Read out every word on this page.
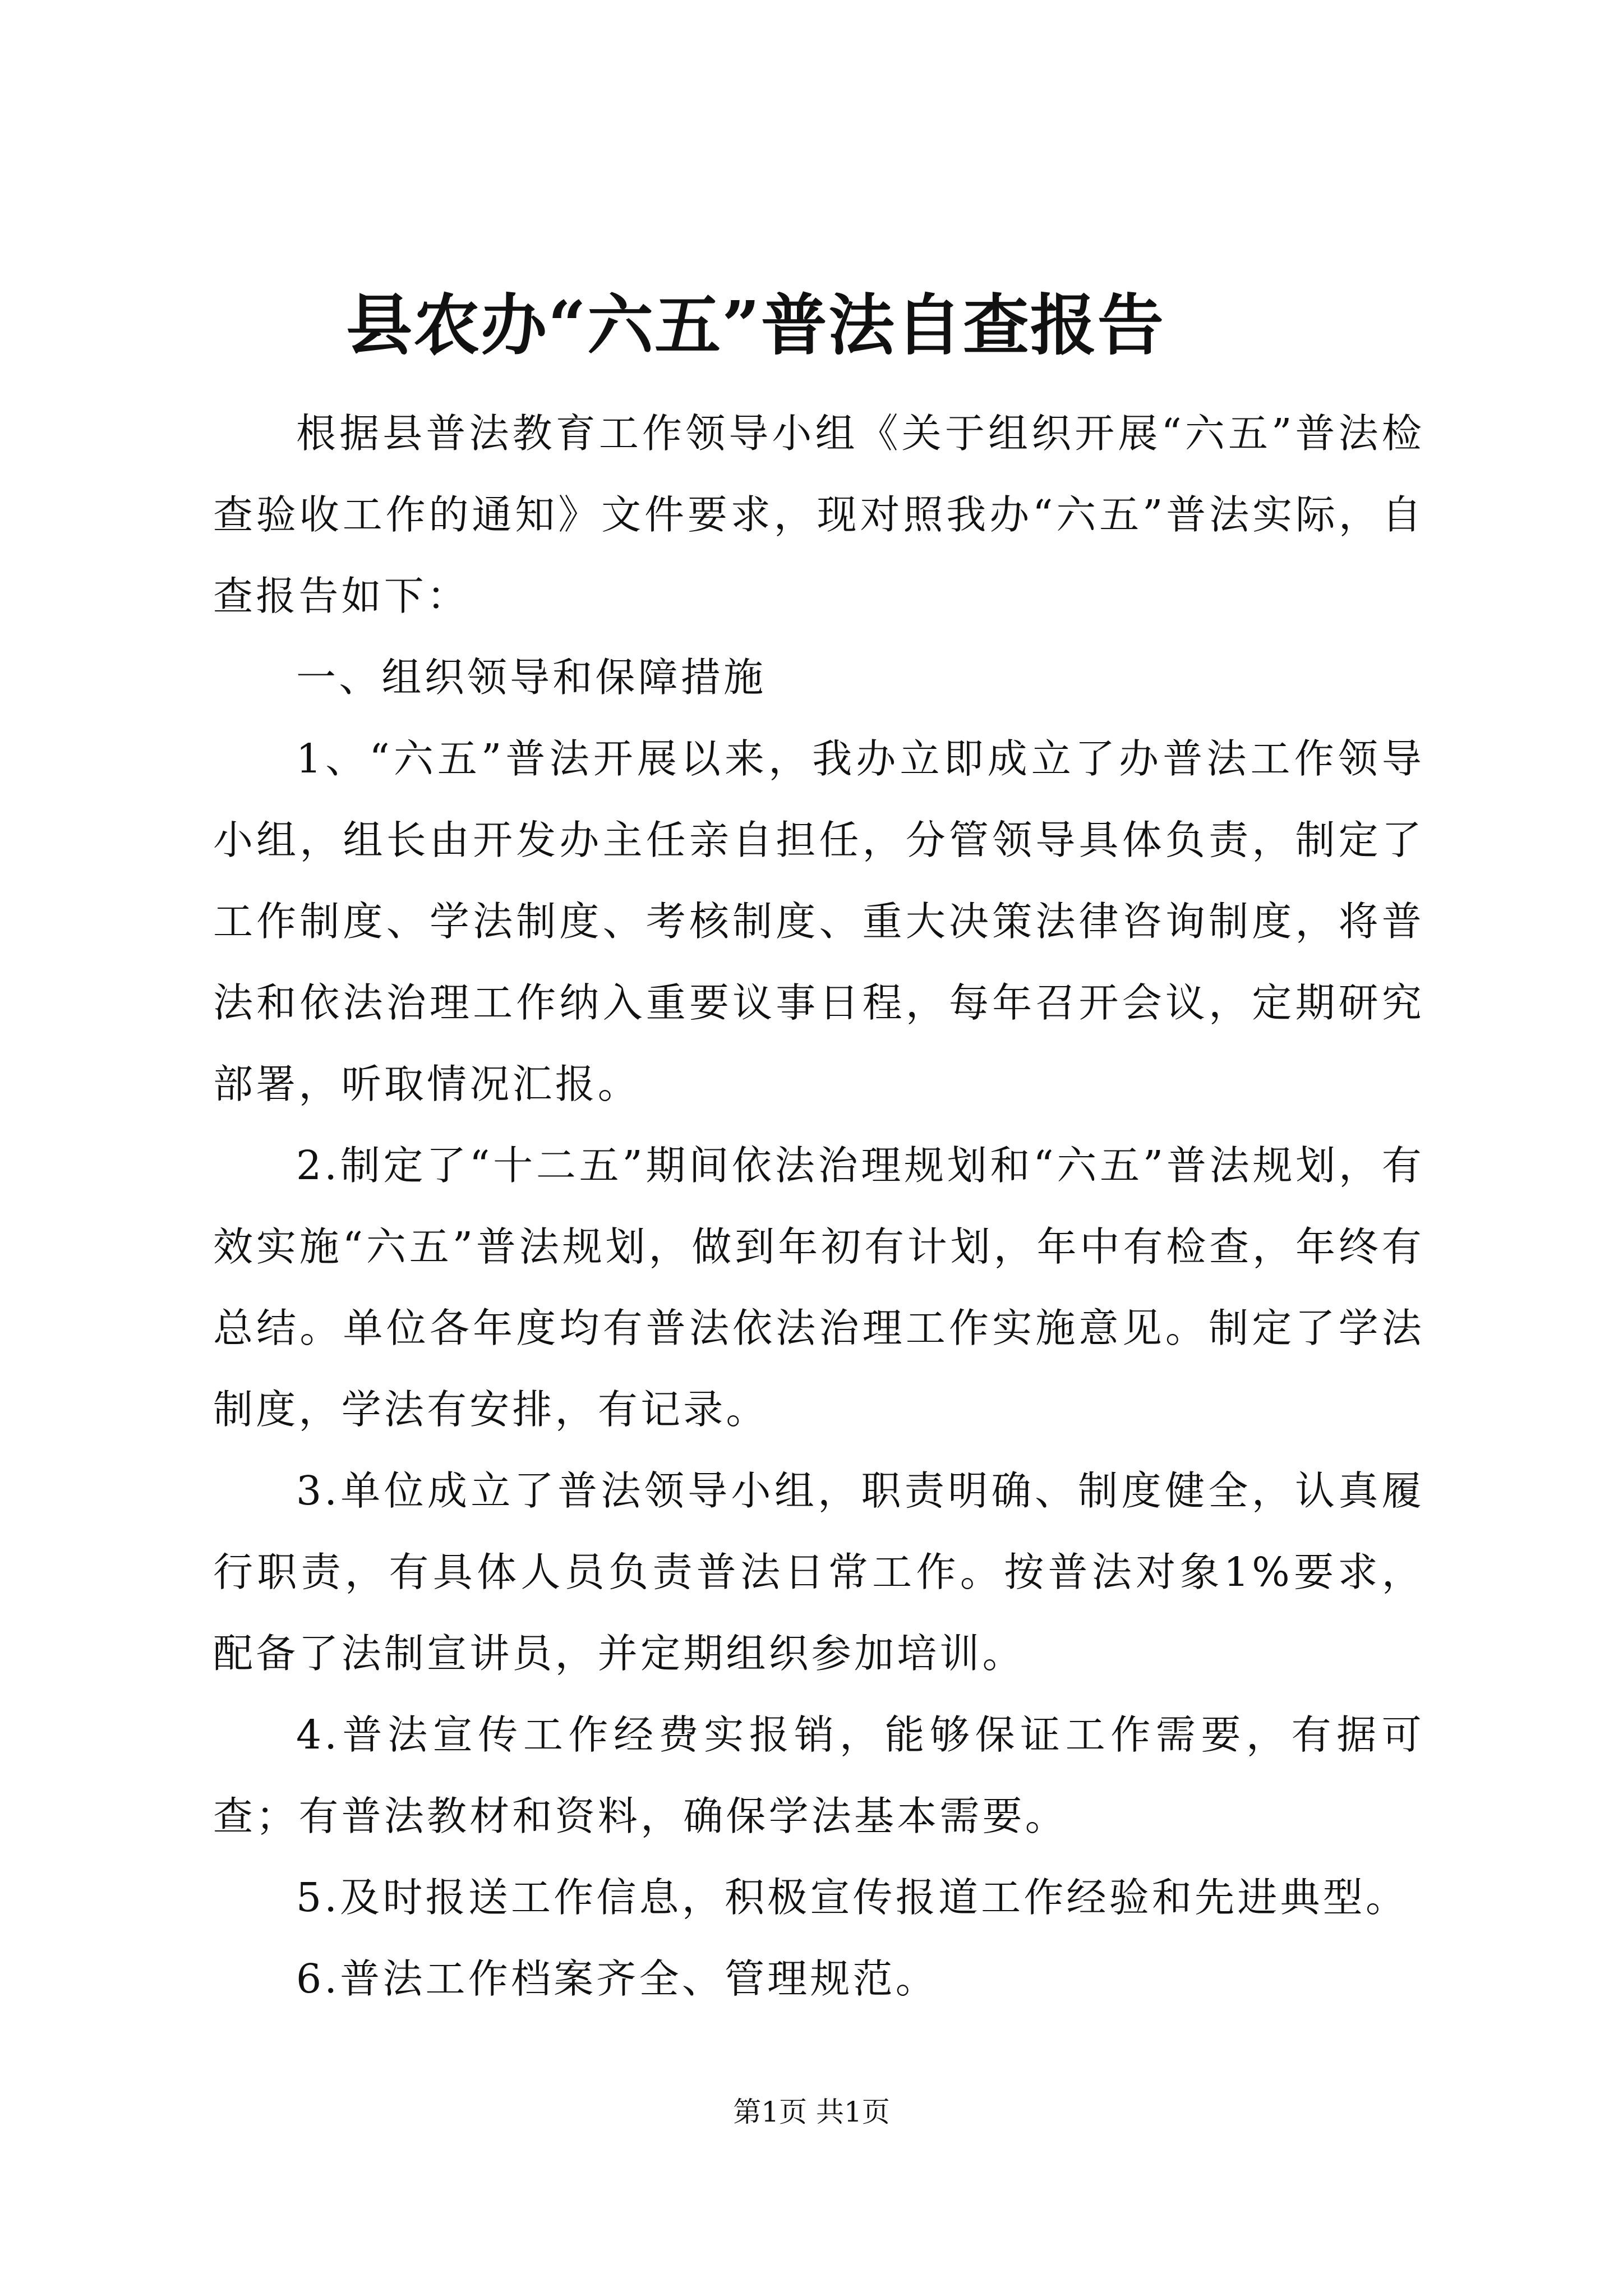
县农办“六五”普法自查报告

根据县普法教育工作领导小组《关于组织开展“六五”普法检查验收工作的通知》文件要求，现对照我办“六五”普法实际，自查报告如下：

一、组织领导和保障措施

1、“六五”普法开展以来，我办立即成立了办普法工作领导小组，组长由开发办主任亲自担任，分管领导具体负责，制定了工作制度、学法制度、考核制度、重大决策法律咨询制度，将普法和依法治理工作纳入重要议事日程，每年召开会议，定期研究部署，听取情况汇报。

2.制定了“十二五”期间依法治理规划和“六五”普法规划，有效实施“六五”普法规划，做到年初有计划，年中有检查，年终有总结。单位各年度均有普法依法治理工作实施意见。制定了学法制度，学法有安排，有记录。

3.单位成立了普法领导小组，职责明确、制度健全，认真履行职责，有具体人员负责普法日常工作。按普法对象1%要求，配备了法制宣讲员，并定期组织参加培训。

4.普法宣传工作经费实报销，能够保证工作需要，有据可查；有普法教材和资料，确保学法基本需要。

5.及时报送工作信息，积极宣传报道工作经验和先进典型。

6.普法工作档案齐全、管理规范。

第1页 共1页
